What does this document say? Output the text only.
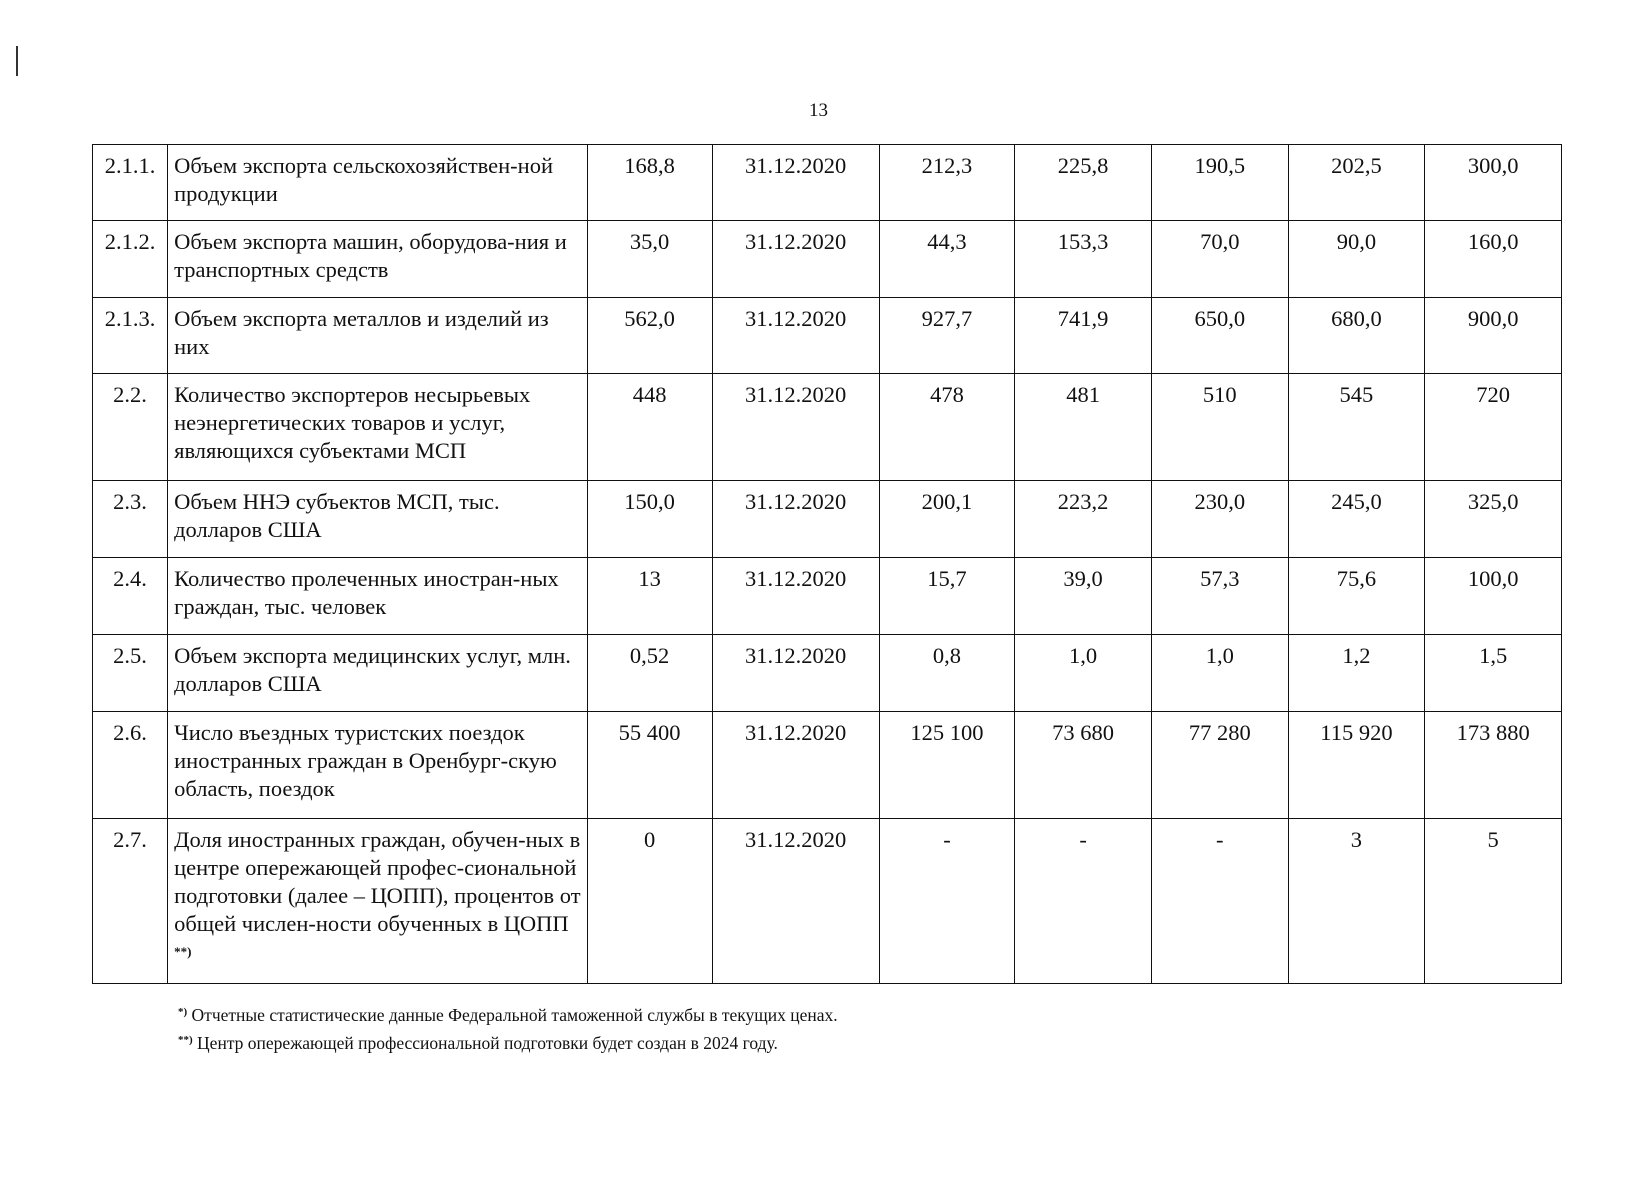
13
2.1.1.	Объем экспорта сельскохозяйствен-ной продукции	168,8	31.12.2020	212,3	225,8	190,5	202,5	300,0
2.1.2.	Объем экспорта машин, оборудова-ния и транспортных средств	35,0	31.12.2020	44,3	153,3	70,0	90,0	160,0
2.1.3.	Объем экспорта металлов и изделий из них	562,0	31.12.2020	927,7	741,9	650,0	680,0	900,0
2.2.	Количество экспортеров несырьевых неэнергетических товаров и услуг, являющихся субъектами МСП	448	31.12.2020	478	481	510	545	720
2.3.	Объем ННЭ субъектов МСП, тыс. долларов США	150,0	31.12.2020	200,1	223,2	230,0	245,0	325,0
2.4.	Количество пролеченных иностран-ных граждан, тыс. человек	13	31.12.2020	15,7	39,0	57,3	75,6	100,0
2.5.	Объем экспорта медицинских услуг, млн. долларов США	0,52	31.12.2020	0,8	1,0	1,0	1,2	1,5
2.6.	Число въездных туристских поездок иностранных граждан в Оренбург-скую область, поездок	55 400	31.12.2020	125 100	73 680	77 280	115 920	173 880
2.7.	Доля иностранных граждан, обучен-ных в центре опережающей профес-сиональной подготовки (далее – ЦОПП), процентов от общей числен-ности обученных в ЦОПП **)	0	31.12.2020	-	-	-	3	5
*) Отчетные статистические данные Федеральной таможенной службы в текущих ценах.
**) Центр опережающей профессиональной подготовки будет создан в 2024 году.
